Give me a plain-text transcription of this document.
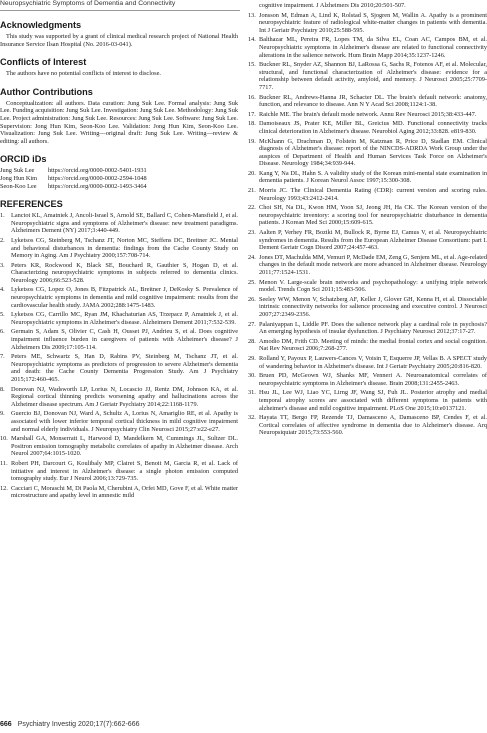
Neuropsychiatric Symptoms of Dementia and Connectivity
Acknowledgments

This study was supported by a grant of clinical medical research project of National Health Insurance Service Ilsan Hospital (No. 2016-03-041).

Conflicts of Interest

The authors have no potential conflicts of interest to disclose.

Author Contributions

Conceptualization: all authors. Data curation: Jung Suk Lee. Formal analysis: Jung Suk Lee. Funding acquisition: Jung Suk Lee. Investigation: Jung Suk Lee. Methodology: Jung Suk Lee. Project administration: Jung Suk Lee. Resources: Jung Suk Lee. Software: Jung Suk Lee. Supervision: Jong Hun Kim, Seon-Koo Lee. Validation: Jong Hun Kim, Seon-Koo Lee. Visualization: Jung Suk Lee. Writing—original draft: Jung Suk Lee. Writing—review & editing: all authors.

ORCID iDs
Jung Suk Lee	https://orcid.org/0000-0002-5401-1931
Jong Hun Kim	https://orcid.org/0000-0002-2594-1048
Seon-Koo Lee	https://orcid.org/0000-0002-1493-3464
REFERENCES
1. Lanctot KL, Amatniek J, Ancoli-Israel S, Arnold SE, Ballard C, Cohen-Mansfield J, et al. Neuropsychiatric signs and symptoms of Alzheimer's disease: new treatment paradigms. Alzheimers Dement (NY) 2017;3:440-449.
2. Lyketsos CG, Steinberg M, Tschanz JT, Norton MC, Steffens DC, Breitner JC. Mental and behavioral disturbances in dementia: findings from the Cache County Study on Memory in Aging. Am J Psychiatry 2000;157:708-714.
3. Peters KR, Rockwood K, Black SE, Bouchard R, Gauthier S, Hogan D, et al. Characterizing neuropsychiatric symptoms in subjects referred to dementia clinics. Neurology 2006;66:523-528.
4. Lyketsos CG, Lopez O, Jones B, Fitzpatrick AL, Breitner J, DeKosky S. Prevalence of neuropsychiatric symptoms in dementia and mild cognitive impairment: results from the cardiovascular health study. JAMA 2002;288:1475-1483.
5. Lyketsos CG, Carrillo MC, Ryan JM, Khachaturian AS, Trzepacz P, Amatniek J, et al. Neuropsychiatric symptoms in Alzheimer's disease. Alzheimers Dement 2011;7:532-539.
6. Germain S, Adam S, Olivier C, Cash H, Ousset PJ, Andrieu S, et al. Does cognitive impairment influence burden in caregivers of patients with Alzheimer's disease? J Alzheimers Dis 2009;17:105-114.
7. Peters ME, Schwartz S, Han D, Rabins PV, Steinberg M, Tschanz JT, et al. Neuropsychiatric symptoms as predictors of progression to severe Alzheimer's dementia and death: the Cache County Dementia Progression Study. Am J Psychiatry 2015;172:460-465.
8. Donovan NJ, Wadsworth LP, Lorius N, Locascio JJ, Rentz DM, Johnson KA, et al. Regional cortical thinning predicts worsening apathy and hallucinations across the Alzheimer disease spectrum. Am J Geriatr Psychiatry 2014;22:1168-1179.
9. Guercio BJ, Donovan NJ, Ward A, Schultz A, Lorius N, Amariglio RE, et al. Apathy is associated with lower inferior temporal cortical thickness in mild cognitive impairment and normal elderly individuals. J Neuropsychiatry Clin Neurosci 2015;27:e22-e27.
10. Marshall GA, Monserratt L, Harwood D, Mandelkern M, Cummings JL, Sultzer DL. Positron emission tomography metabolic correlates of apathy in Alzheimer disease. Arch Neurol 2007;64:1015-1020.
11. Robert PH, Darcourt G, Koulibaly MP, Clairet S, Benoit M, Garcia R, et al. Lack of initiative and interest in Alzheimer's disease: a single photon emission computed tomography study. Eur J Neurol 2006;13:729-735.
12. Cacciari C, Moraschi M, Di Paola M, Cherubini A, Orfei MD, Gove F, et al. White matter microstructure and apathy level in amnestic mild
cognitive impairment. J Alzheimers Dis 2010;20:501-507.
13. Jonsson M, Edman A, Lind K, Rolstad S, Sjogren M, Wallin A. Apathy is a prominent neuropsychiatric feature of radiological white-matter changes in patients with dementia. Int J Geriatr Psychiatry 2010;25:588-595.
14. Balthazar ML, Pereira FR, Lopes TM, da Silva EL, Coan AC, Campos BM, et al. Neuropsychiatric symptoms in Alzheimer's disease are related to functional connectivity alterations in the salience network. Hum Brain Mapp 2014;35:1237-1246.
15. Buckner RL, Snyder AZ, Shannon BJ, LaRossa G, Sachs R, Fotenos AF, et al. Molecular, structural, and functional characterization of Alzheimer's disease: evidence for a relationship between default activity, amyloid, and memory. J Neurosci 2005;25:7709-7717.
16. Buckner RL, Andrews-Hanna JR, Schacter DL. The brain's default network: anatomy, function, and relevance to disease. Ann N Y Acad Sci 2008;1124:1-38.
17. Raichle ME. The brain's default mode network. Annu Rev Neurosci 2015;38:433-447.
18. Damoiseaux JS, Prater KE, Miller BL, Greicius MD. Functional connectivity tracks clinical deterioration in Alzheimer's disease. Neurobiol Aging 2012;33:828. e819-830.
19. McKhann G, Drachman D, Folstein M, Katzman R, Price D, Stadlan EM. Clinical diagnosis of Alzheimer's disease: report of the NINCDS-ADRDA Work Group under the auspices of Department of Health and Human Services Task Force on Alzheimer's Disease. Neurology 1984;34:939-944.
20. Kang Y, Na DL, Hahn S. A validity study of the Korean mini-mental state examination in dementia patients. J Korean Neurol Assoc 1997;15:300-308.
21. Morris JC. The Clinical Dementia Rating (CDR): current version and scoring rules. Neurology 1993;43:2412-2414.
22. Choi SH, Na DL, Kwon HM, Yoon SJ, Jeong JH, Ha CK. The Korean version of the neuropsychiatric inventory: a scoring tool for neuropsychiatric disturbance in dementia patients. J Korean Med Sci 2000;15:609-615.
23. Aalten P, Verhey FR, Boziki M, Bullock R, Byrne EJ, Camus V, et al. Neuropsychiatric syndromes in dementia. Results from the European Alzheimer Disease Consortium: part I. Dement Geriatr Cogn Disord 2007;24:457-463.
24. Jones DT, Machulda MM, Vemuri P, McDade EM, Zeng G, Senjem ML, et al. Age-related changes in the default mode network are more advanced in Alzheimer disease. Neurology 2011;77:1524-1531.
25. Menon V. Large-scale brain networks and psychopathology: a unifying triple network model. Trends Cogn Sci 2011;15:483-506.
26. Seeley WW, Menon V, Schatzberg AF, Keller J, Glover GH, Kenna H, et al. Dissociable intrinsic connectivity networks for salience processing and executive control. J Neurosci 2007;27:2349-2356.
27. Palaniyappan L, Liddle PF. Does the salience network play a cardinal role in psychosis? An emerging hypothesis of insular dysfunction. J Psychiatry Neurosci 2012;37:17-27.
28. Amodio DM, Frith CD. Meeting of minds: the medial frontal cortex and social cognition. Nat Rev Neurosci 2006;7:268-277.
29. Rolland Y, Payoux P, Lauwers-Cances V, Voisin T, Esquerre JP, Vellas B. A SPECT study of wandering behavior in Alzheimer's disease. Int J Geriatr Psychiatry 2005;20:816-820.
30. Bruen PD, McGeown WJ, Shanks MF, Venneri A. Neuroanatomical correlates of neuropsychiatric symptoms in Alzheimer's disease. Brain 2008;131:2455-2463.
31. Hsu JL, Lee WJ, Liao YC, Lirng JF, Wang SJ, Fuh JL. Posterior atrophy and medial temporal atrophy scores are associated with different symptoms in patients with alzheimer's disease and mild cognitive impairment. PLoS One 2015;10:e0137121.
32. Hayata TT, Bergo FP, Rezende TJ, Damasceno A, Damasceno BP, Cendes F, et al. Cortical correlates of affective syndrome in dementia due to Alzheimer's disease. Arq Neuropsiquiatr 2015;73:553-560.
666 Psychiatry Investig 2020;17(7):662-666
